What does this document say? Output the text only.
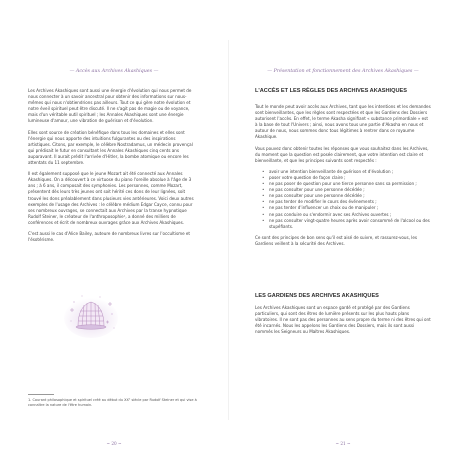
— Accès aux Archives Akashiques —

Les Archives Akashiques sont aussi une énergie d'évolution qui nous permet de nous connecter à un savoir ancestral pour obtenir des informations sur nous-mêmes qui nous n'obtiendrions pas ailleurs. Tout ce qui gère notre évolution et notre éveil spirituel peut être discuté. Il ne s'agit pas de magie ou de voyance, mais d'un véritable outil spirituel ; les Annales Akashiques sont une énergie lumineuse d'amour, une vibration de guérison et d'évolution.

Elles sont source de création bénéfique dans tous les domaines et elles sont l'énergie qui nous apporte des intuitions fulgurantes ou des inspirations artistiques. Citons, par exemple, le célèbre Nostradamus, un médecin provençal qui prédisait le futur en consultant les Annales Akashiques cinq cents ans auparavant. Il aurait prédit l'arrivée d'Hitler, la bombe atomique ou encore les attentats du 11 septembre.

Il est également supposé que le jeune Mozart ait été connecté aux Annales Akashiques. On a découvert à ce virtuose du piano l'oreille absolue à l'âge de 3 ans ; à 6 ans, il composait des symphonies. Les personnes, comme Mozart, présentent dès leurs très jeunes ont soit hérité ces dons de leur lignées, soit trouvé les dons préalablement dans plusieurs vies antérieures. Voici deux autres exemples de l'usage des Archives : le célèbre médium Edgar Cayce, connu pour ses nombreux ouvrages, se connectait aux Archives par la transe hypnotique Rudolf Steiner, le créateur de l'anthroposophie¹, a donné des milliers de conférences et écrit de nombreux ouvrages grâce aux Archives Akashiques.

C'est aussi le cas d'Alice Bailey, auteure de nombreux livres sur l'occultisme et l'ésotérisme.

1. Courant philosophique et spirituel créé au début du XXᵉ siècle par Rudolf Steiner et qui vise à connaître la nature de l'être humain.
~ 20 ~
— Présentation et fonctionnement des Archives Akashiques —
L'ACCÈS ET LES RÈGLES DES ARCHIVES AKASHIQUES

Tout le monde peut avoir accès aux Archives, tant que les intentions et les demandes sont bienveillantes, que les règles sont respectées et que les Gardiens des Dossiers autorisent l'accès. En effet, le terme Akasha signifiant « substance primordiale » est à la base de tout l'Univers ; ainsi, nous avons tous une partie d'Akasha en nous et autour de nous, nous sommes donc tous légitimes à rentrer dans ce royaume Akashique.

Vous pouvez donc obtenir toutes les réponses que vous souhaitez dans les Archives, du moment que la question est posée clairement, que votre intention est claire et bienveillante, et que les principes suivants sont respectés :

• avoir une intention bienveillante de guérison et d'évolution ;
• poser votre question de façon claire ;
• ne pas poser de question pour une tierce personne sans sa permission ;
• ne pas consulter pour une personne décédée ;
• ne pas consulter pour une personne décédée ;
• ne pas tenter de modifier le cours des événements ;
• ne pas tenter d'influencer un choix ou de manipuler ;
• ne pas conduire ou s'endormir avec ses Archives ouvertes ;
• ne pas consulter vingt-quatre heures après avoir consommé de l'alcool ou des stupéfiants.

Ce sont des principes de bon sens qu'il est aisé de suivre, et rassurez-vous, les Gardiens veillent à la sécurité des Archives.

LES GARDIENS DES ARCHIVES AKASHIQUES

Les Archives Akashiques sont un espace gardé et protégé par des Gardiens particuliers, qui sont des êtres de lumière présents sur les plus hauts plans vibratoires. Il ne sont pas des personnes au sens propre du terme ni des êtres qui ont été incarnés. Nous les appelons les Gardiens des Dossiers, mais ils sont aussi nommés les Seigneurs ou Maîtres Akashiques.

~ 21 ~
